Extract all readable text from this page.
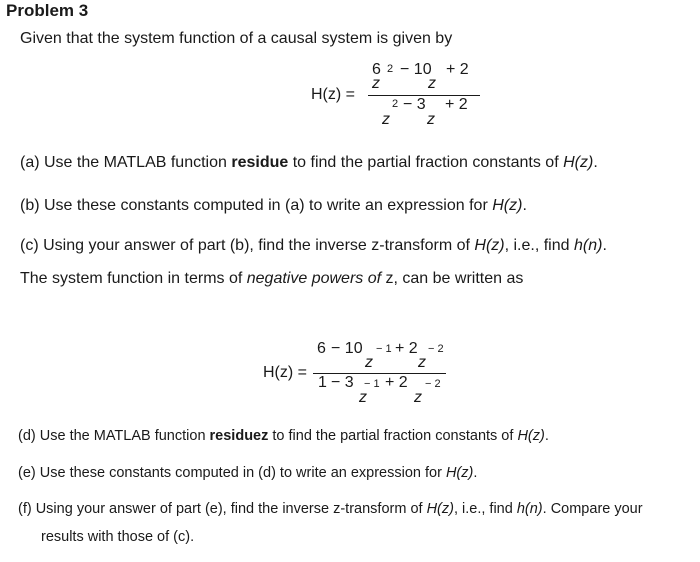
Problem 3
Given that the system function of a causal system is given by
H(z) =
6 2 − 10 + 2
z	z
2 − 3 + 2
z z
(a) Use the MATLAB function residue to find the partial fraction constants of H(z).
(b) Use these constants computed in (a) to write an expression for H(z).
(c) Using your answer of part (b), find the inverse z-transform of H(z), i.e., find h(n).
The system function in terms of negative powers of z, can be written as
H(z) =
6 − 10 − 1 + 2 − 2
z	z
1 − 3 − 1 + 2 − 2
z	z
(d) Use the MATLAB function residuez to find the partial fraction constants of H(z).
(e) Use these constants computed in (d) to write an expression for H(z).
(f) Using your answer of part (e), find the inverse z-transform of H(z), i.e., find h(n). Compare your
results with those of (c).
